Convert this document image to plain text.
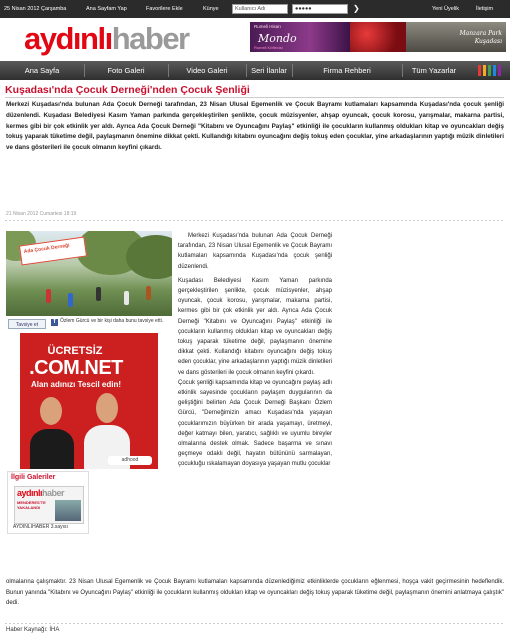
25 Nisan 2012 Çarşamba	Ana Sayfam Yap	Favorilere Ekle	Künye	Kullanıcı Adı	●●●●●	❯	Yeni Üyelik	İletişim
aydınlıhaber	Rumeli Hisarı
Mondo
Rumeli Köftecisi
Manzara Park
Kuşadası
Ana Sayfa	Foto Galeri	Video Galeri	Seri İlanlar	Firma Rehberi	Tüm Yazarlar
Kuşadası'nda Çocuk Derneği'nden Çocuk Şenliği
Merkezi Kuşadası'nda bulunan Ada Çocuk Derneği tarafından, 23 Nisan Ulusal Egemenlik ve Çocuk Bayramı kutlamaları kapsamında Kuşadası'nda çocuk şenliği düzenlendi. Kuşadası Belediyesi Kasım Yaman parkında gerçekleştirilen şenlikte, çocuk müzisyenler, ahşap oyuncak, çocuk korosu, yarışmalar, makarna partisi, kermes gibi bir çok etkinlik yer aldı. Ayrıca Ada Çocuk Derneği "Kitabını ve Oyuncağını Paylaş" etkinliği ile çocukların kullanmış oldukları kitap ve oyuncakları değiş tokuş yaparak tüketime değil, paylaşmanın önemine dikkat çekti. Kullandığı kitabını oyuncağını değiş tokuş eden çocuklar, yine arkadaşlarının yaptığı müzik dinletileri ve dans gösterileri ile çocuk olmanın keyfini çıkardı.
21 Nisan 2012 Cumartesi 18:19
Ada Çocuk Derneği
Tavsiye et	f Özlem Gürcü ve bir kişi daha bunu tavsiye etti.
ÜCRETSİZ
.COM.NET
Alan adınızı Tescil edin!
adhood
İlgili Galeriler
aydınlıhaber
MENDERES'TE YAKALANDI
AYDINLIHABER 3.sayısı

Merkezi Kuşadası'nda bulunan Ada Çocuk Derneği tarafından, 23 Nisan Ulusal Egemenlik ve Çocuk Bayramı kutlamaları kapsamında Kuşadası'nda çocuk şenliği düzenlendi.

Kuşadası Belediyesi Kasım Yaman parkında gerçekleştirilen şenlikte, çocuk müzisyenler, ahşap oyuncak, çocuk korosu, yarışmalar, makarna partisi, kermes gibi bir çok etkinlik yer aldı. Ayrıca Ada Çocuk Derneği "Kitabını ve Oyuncağını Paylaş" etkinliği ile çocukların kullanmış oldukları kitap ve oyuncakları değiş tokuş yaparak tüketime değil, paylaşmanın önemine dikkat çekti. Kullandığı kitabını oyuncağını değiş tokuş eden çocuklar, yine arkadaşlarının yaptığı müzik dinletileri ve dans gösterileri ile çocuk olmanın keyfini çıkardı.

Çocuk şenliği kapsamında kitap ve oyuncağını paylaş adlı etkinlik sayesinde çocukların paylaşım duygularının da geliştiğini belirten Ada Çocuk Derneği Başkanı Özlem Gürcü, "Derneğimizin amacı Kuşadası'nda yaşayan çocuklarımızın büyürken bir arada yaşamayı, üretmeyi, değer katmayı bilen, yaratıcı, sağlıklı ve uyumlu bireyler olmalarına destek olmak. Sadece başarma ve sınavı geçmeye odaklı değil, hayatın bütününü sarmalayan, çocukluğu ıskalamayan doyasıya yaşayan mutlu çocuklar

olmalarına çalışmaktır. 23 Nisan Ulusal Egemenlik ve Çocuk Bayramı kutlamaları kapsamında düzenlediğimiz etkinliklerde çocukların eğlenmesi, hoşça vakit geçirmesinin hedeflendik. Bunun yanında "Kitabını ve Oyuncağını Paylaş" etkinliği ile çocukların kullanmış oldukları kitap ve oyuncakları değiş tokuş yaparak tüketime değil, paylaşmanın önemini anlatmaya çalıştık" dedi.
Haber Kaynağı: İHA
